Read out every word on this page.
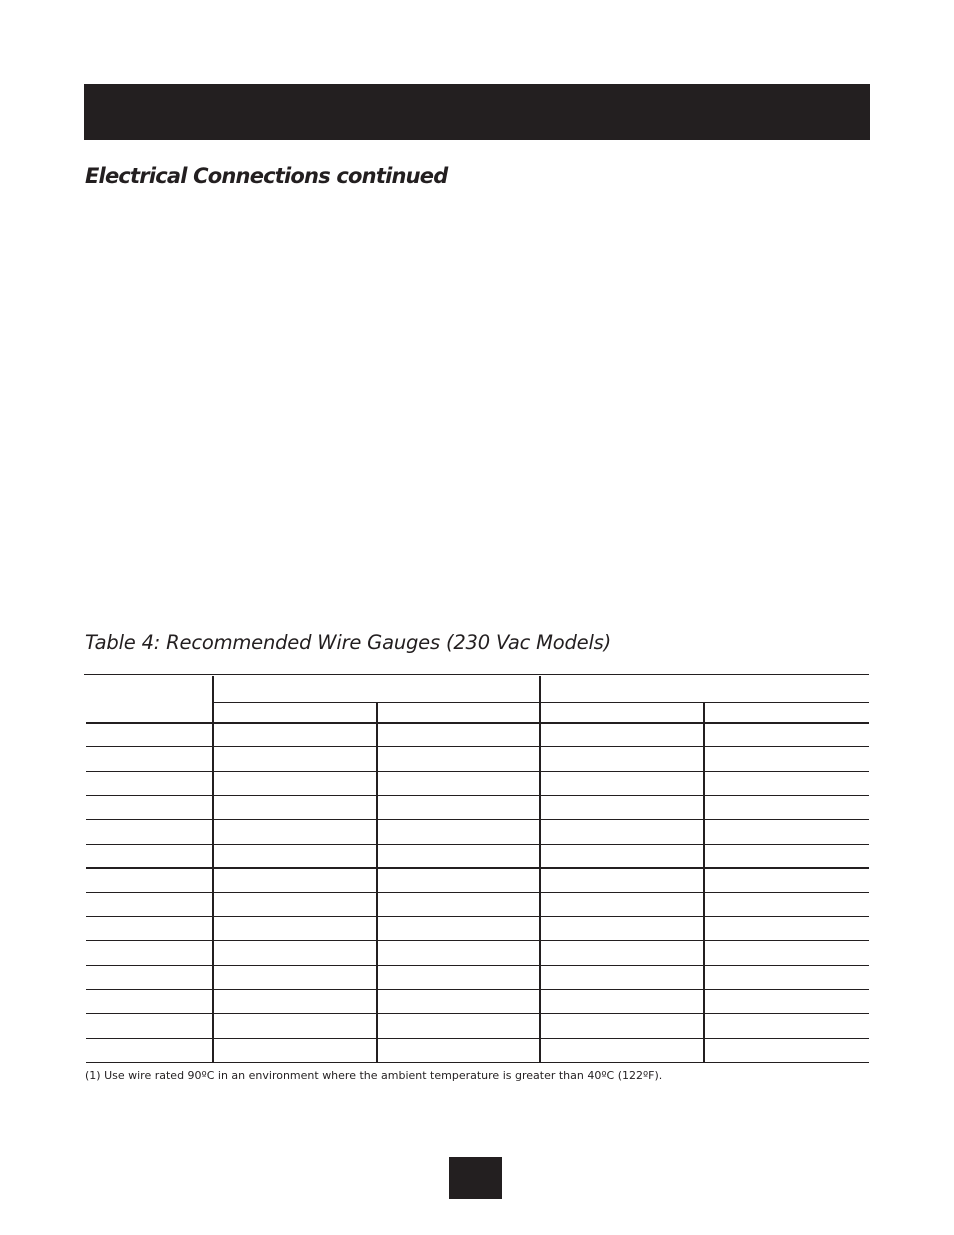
Electrical Connections continued
Table 4: Recommended Wire Gauges (230 Vac Models)

(1) Use wire rated 90ºC in an environment where the ambient temperature is greater than 40ºC (122ºF).
